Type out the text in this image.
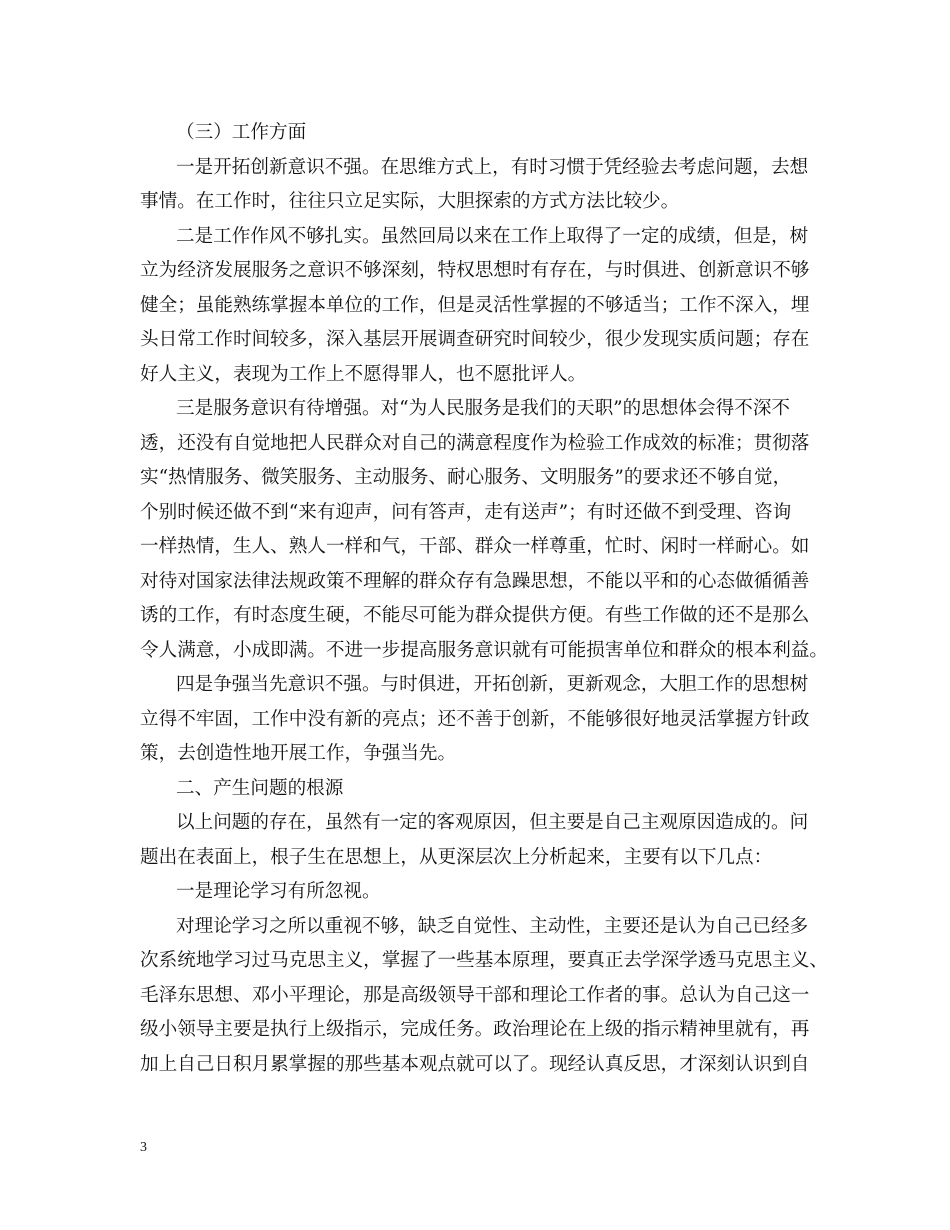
（三）工作方面
一是开拓创新意识不强。在思维方式上，有时习惯于凭经验去考虑问题，去想
事情。在工作时，往往只立足实际，大胆探索的方式方法比较少。
二是工作作风不够扎实。虽然回局以来在工作上取得了一定的成绩，但是，树
立为经济发展服务之意识不够深刻，特权思想时有存在，与时俱进、创新意识不够
健全；虽能熟练掌握本单位的工作，但是灵活性掌握的不够适当；工作不深入，埋
头日常工作时间较多，深入基层开展调查研究时间较少，很少发现实质问题；存在
好人主义，表现为工作上不愿得罪人，也不愿批评人。
三是服务意识有待增强。对“为人民服务是我们的天职”的思想体会得不深不
透，还没有自觉地把人民群众对自己的满意程度作为检验工作成效的标准；贯彻落
实“热情服务、微笑服务、主动服务、耐心服务、文明服务”的要求还不够自觉，
个别时候还做不到“来有迎声，问有答声，走有送声”；有时还做不到受理、咨询
一样热情，生人、熟人一样和气，干部、群众一样尊重，忙时、闲时一样耐心。如
对待对国家法律法规政策不理解的群众存有急躁思想，不能以平和的心态做循循善
诱的工作，有时态度生硬，不能尽可能为群众提供方便。有些工作做的还不是那么
令人满意，小成即满。不进一步提高服务意识就有可能损害单位和群众的根本利益。
四是争强当先意识不强。与时俱进，开拓创新，更新观念，大胆工作的思想树
立得不牢固，工作中没有新的亮点；还不善于创新，不能够很好地灵活掌握方针政
策，去创造性地开展工作，争强当先。
二、产生问题的根源
以上问题的存在，虽然有一定的客观原因，但主要是自己主观原因造成的。问
题出在表面上，根子生在思想上，从更深层次上分析起来，主要有以下几点：
一是理论学习有所忽视。
对理论学习之所以重视不够，缺乏自觉性、主动性，主要还是认为自己已经多
次系统地学习过马克思主义，掌握了一些基本原理，要真正去学深学透马克思主义、
毛泽东思想、邓小平理论，那是高级领导干部和理论工作者的事。总认为自己这一
级小领导主要是执行上级指示，完成任务。政治理论在上级的指示精神里就有，再
加上自己日积月累掌握的那些基本观点就可以了。现经认真反思，才深刻认识到自
3
